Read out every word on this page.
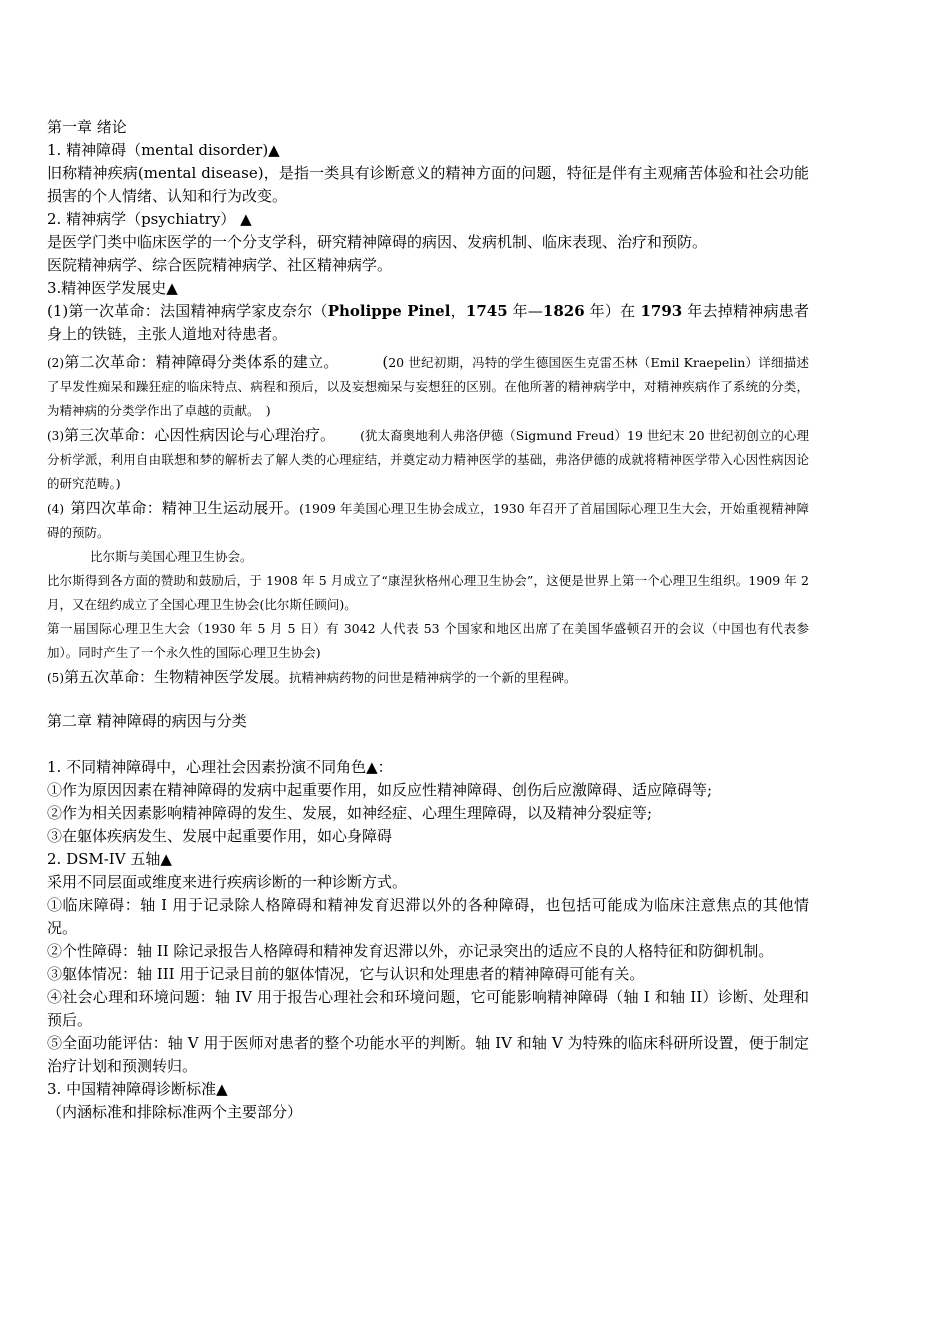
第一章 绪论

1. 精神障碍（mental disorder)▲

旧称精神疾病(mental disease)，是指一类具有诊断意义的精神方面的问题，特征是伴有主观痛苦体验和社会功能损害的个人情绪、认知和行为改变。

2. 精神病学（psychiatry） ▲

是医学门类中临床医学的一个分支学科，研究精神障碍的病因、发病机制、临床表现、治疗和预防。

医院精神病学、综合医院精神病学、社区精神病学。

3.精神医学发展史▲

(1)第一次革命：法国精神病学家皮奈尔（Pholippe Pinel，1745 年—1826 年）在 1793 年去掉精神病患者身上的铁链，主张人道地对待患者。

(2)第二次革命：精神障碍分类体系的建立。    	(20 世纪初期，冯特的学生德国医生克雷丕林（Emil Kraepelin）详细描述了早发性痴呆和躁狂症的临床特点、病程和预后，以及妄想痴呆与妄想狂的区别。在他所著的精神病学中，对精神疾病作了系统的分类，为精神病的分类学作出了卓越的贡献。　)

(3)第三次革命：心因性病因论与心理治疗。   (犹太裔奥地利人弗洛伊德（Sigmund Freud）19 世纪末 20 世纪初创立的心理分析学派，利用自由联想和梦的解析去了解人类的心理症结，并奠定动力精神医学的基础，弗洛伊德的成就将精神医学带入心因性病因论的研究范畴。)

(4)  第四次革命：精神卫生运动展开。(1909 年美国心理卫生协会成立，1930 年召开了首届国际心理卫生大会，开始重视精神障碍的预防。

比尔斯与美国心理卫生协会。

比尔斯得到各方面的赞助和鼓励后，于 1908 年 5 月成立了“康涅狄格州心理卫生协会”，这便是世界上第一个心理卫生组织。1909 年 2 月，又在纽约成立了全国心理卫生协会(比尔斯任顾问)。

第一届国际心理卫生大会（1930 年 5 月 5 日）有 3042 人代表 53 个国家和地区出席了在美国华盛顿召开的会议（中国也有代表参加）。同时产生了一个永久性的国际心理卫生协会)

(5)第五次革命：生物精神医学发展。抗精神病药物的问世是精神病学的一个新的里程碑。

第二章 精神障碍的病因与分类

1. 不同精神障碍中，心理社会因素扮演不同角色▲：

①作为原因因素在精神障碍的发病中起重要作用，如反应性精神障碍、创伤后应激障碍、适应障碍等;

②作为相关因素影响精神障碍的发生、发展，如神经症、心理生理障碍，以及精神分裂症等;

③在躯体疾病发生、发展中起重要作用，如心身障碍

2. DSM-IV 五轴▲

采用不同层面或维度来进行疾病诊断的一种诊断方式。

①临床障碍：轴 I 用于记录除人格障碍和精神发育迟滞以外的各种障碍，也包括可能成为临床注意焦点的其他情况。

②个性障碍：轴 II 除记录报告人格障碍和精神发育迟滞以外，亦记录突出的适应不良的人格特征和防御机制。

③躯体情况：轴 III 用于记录目前的躯体情况，它与认识和处理患者的精神障碍可能有关。

④社会心理和环境问题：轴 IV 用于报告心理社会和环境问题，它可能影响精神障碍（轴 I 和轴 II）诊断、处理和预后。

⑤全面功能评估：轴 V 用于医师对患者的整个功能水平的判断。轴 IV 和轴 V 为特殊的临床科研所设置，便于制定治疗计划和预测转归。

3. 中国精神障碍诊断标准▲

（内涵标准和排除标准两个主要部分）
